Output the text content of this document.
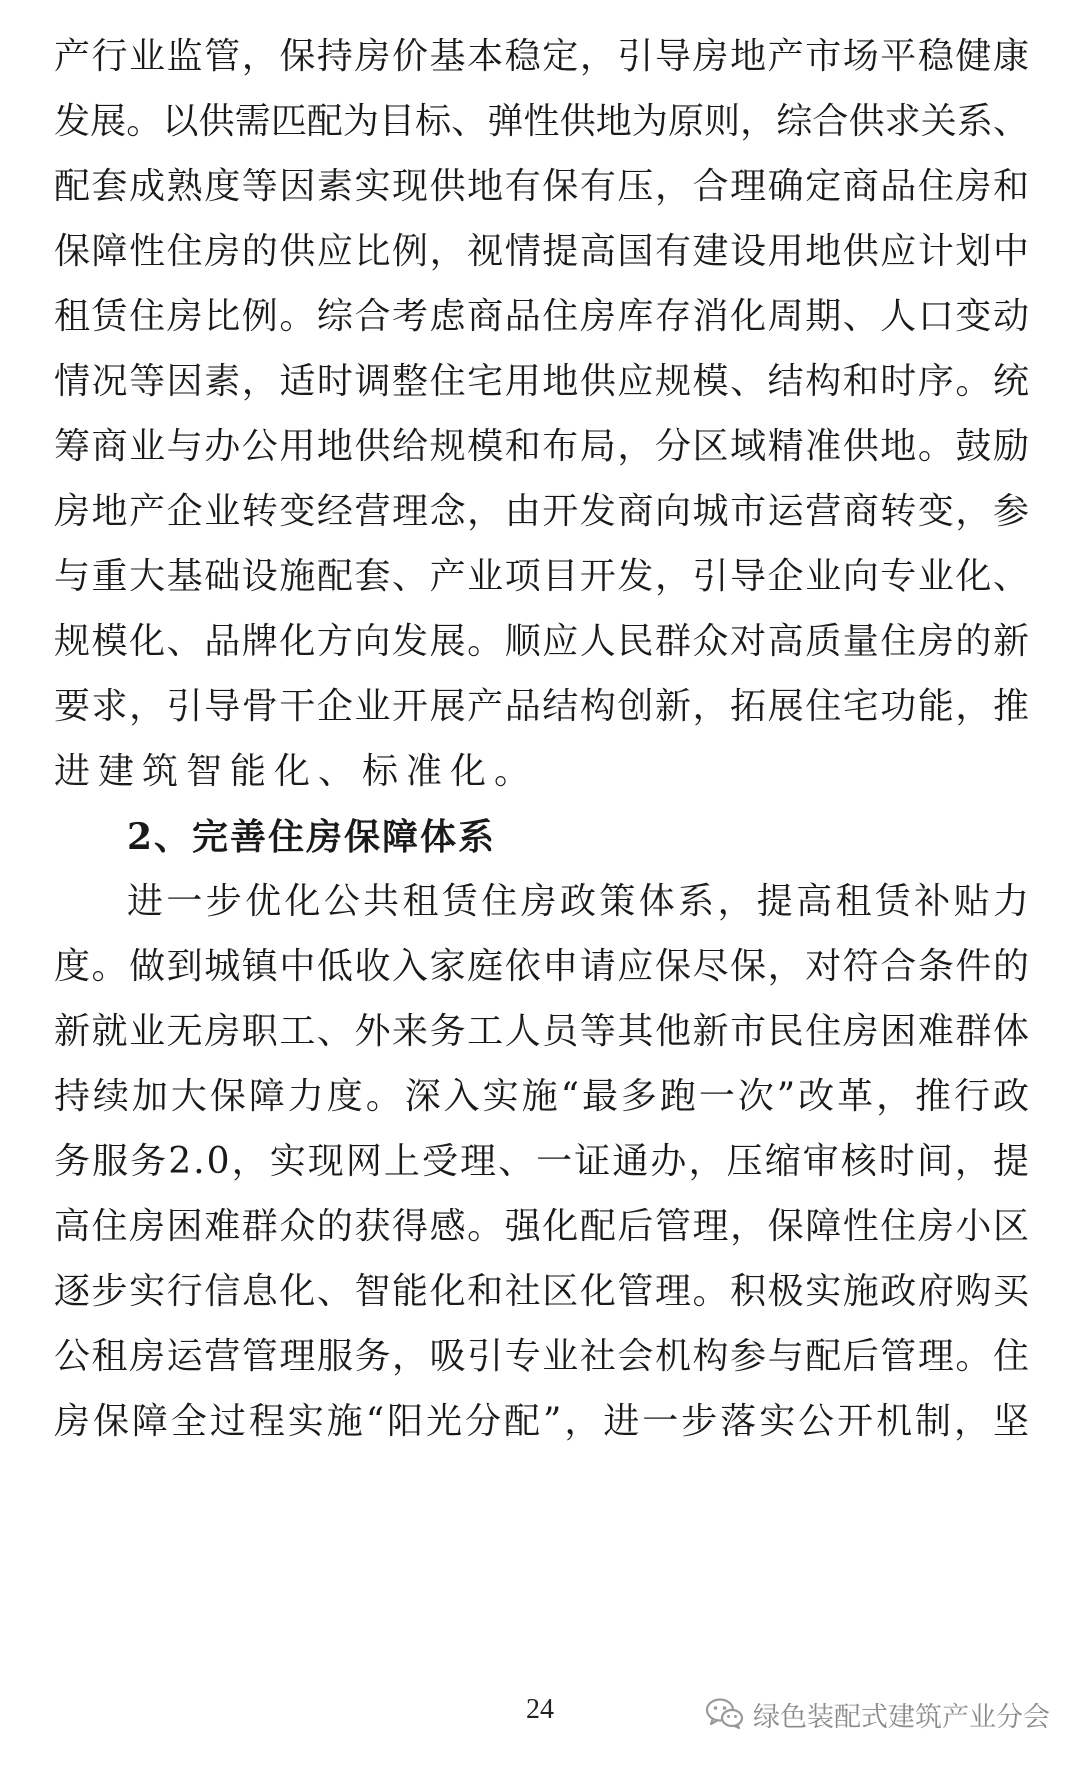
产行业监管，保持房价基本稳定，引导房地产市场平稳健康
发展。以供需匹配为目标、弹性供地为原则，综合供求关系、
配套成熟度等因素实现供地有保有压，合理确定商品住房和
保障性住房的供应比例，视情提高国有建设用地供应计划中
租赁住房比例。综合考虑商品住房库存消化周期、人口变动
情况等因素，适时调整住宅用地供应规模、结构和时序。统
筹商业与办公用地供给规模和布局，分区域精准供地。鼓励
房地产企业转变经营理念，由开发商向城市运营商转变，参
与重大基础设施配套、产业项目开发，引导企业向专业化、
规模化、品牌化方向发展。顺应人民群众对高质量住房的新
要求，引导骨干企业开展产品结构创新，拓展住宅功能，推
进建筑智能化、标准化。
2、完善住房保障体系
进一步优化公共租赁住房政策体系，提高租赁补贴力
度。做到城镇中低收入家庭依申请应保尽保，对符合条件的
新就业无房职工、外来务工人员等其他新市民住房困难群体
持续加大保障力度。深入实施“最多跑一次”改革，推行政
务服务2.0，实现网上受理、一证通办，压缩审核时间，提
高住房困难群众的获得感。强化配后管理，保障性住房小区
逐步实行信息化、智能化和社区化管理。积极实施政府购买
公租房运营管理服务，吸引专业社会机构参与配后管理。住
房保障全过程实施“阳光分配”，进一步落实公开机制，坚
24	绿色装配式建筑产业分会
